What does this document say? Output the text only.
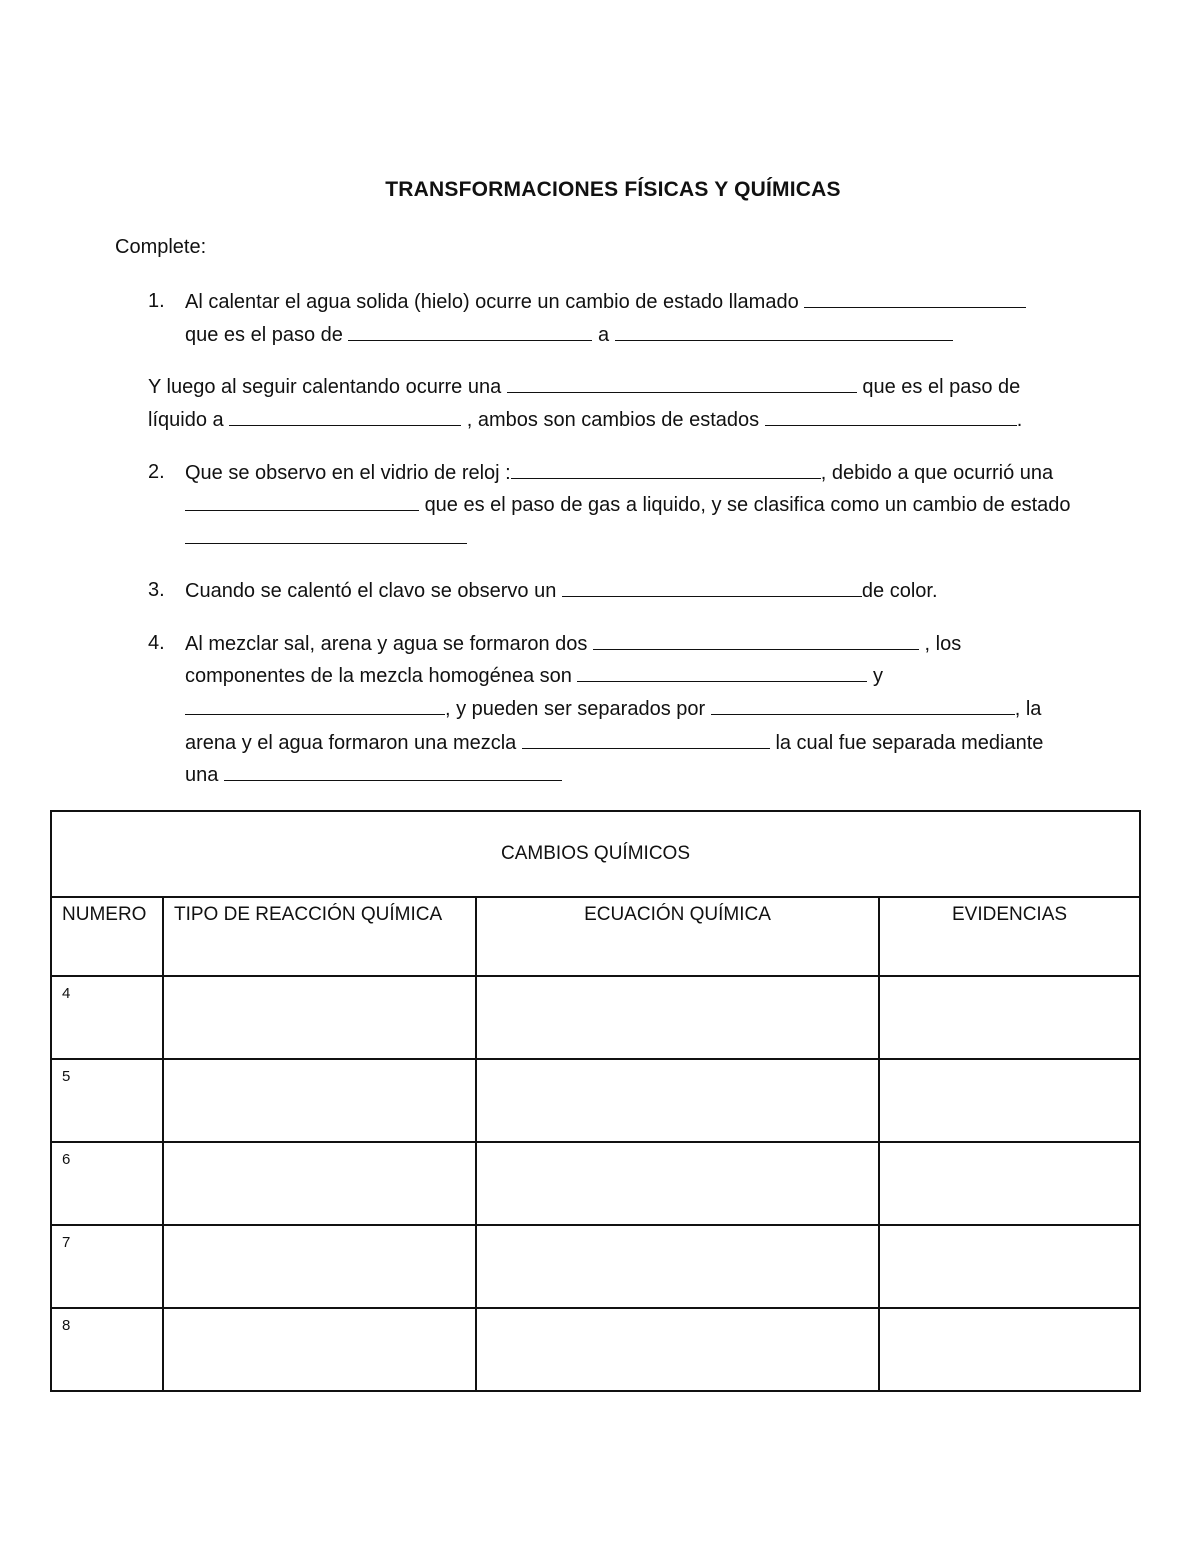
TRANSFORMACIONES FÍSICAS Y QUÍMICAS
Complete:
1. Al calentar el agua solida (hielo) ocurre un cambio de estado llamado
que es el paso de	a
Y luego al seguir calentando ocurre una	que es el paso de
líquido a	, ambos son cambios de estados	.
2. Que se observo en el vidrio de reloj :	, debido a que ocurrió una
que es el paso de gas a liquido, y se clasifica como un cambio de estado
3. Cuando se calentó el clavo se observo un	de color.
4. Al mezclar sal, arena y agua se formaron dos	, los
componentes de la mezcla homogénea son	y
, y pueden ser separados por	, la
arena y el agua formaron una mezcla	la cual fue separada mediante
una
CAMBIOS QUÍMICOS			
NUMERO	TIPO DE REACCIÓN QUÍMICA	ECUACIÓN QUÍMICA	EVIDENCIAS
4			
5			
6			
7			
8			
